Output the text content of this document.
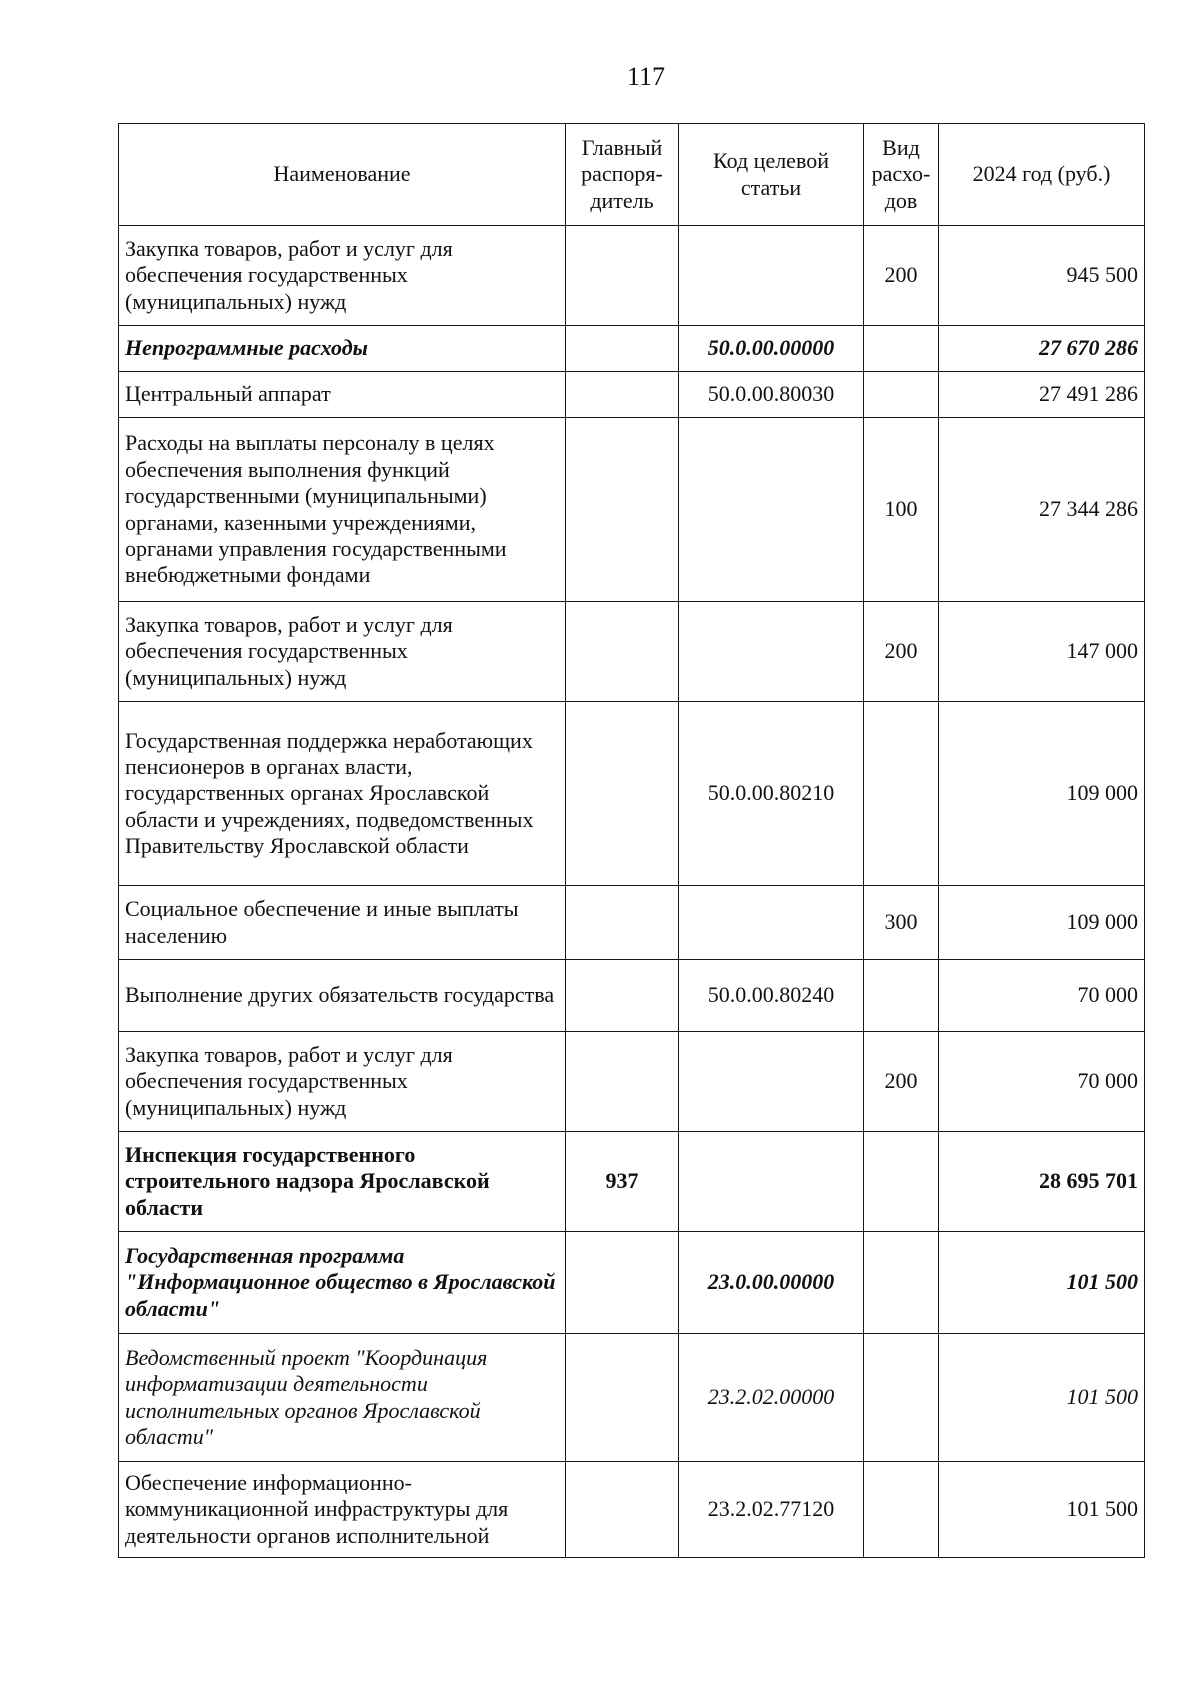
117
Наименование	Главный распоря-дитель	Код целевой статьи	Вид расхо-дов	2024 год (руб.)
Закупка товаров, работ и услуг для обеспечения государственных (муниципальных) нужд			200	945 500
Непрограммные расходы		50.0.00.00000		27 670 286
Центральный аппарат		50.0.00.80030		27 491 286
Расходы на выплаты персоналу в целях обеспечения выполнения функций государственными (муниципальными) органами, казенными учреждениями, органами управления государственными внебюджетными фондами			100	27 344 286
Закупка товаров, работ и услуг для обеспечения государственных (муниципальных) нужд			200	147 000
Государственная поддержка неработающих пенсионеров в органах власти, государственных органах Ярославской области и учреждениях, подведомственных Правительству Ярославской области		50.0.00.80210		109 000
Социальное обеспечение и иные выплаты населению			300	109 000
Выполнение других обязательств государства		50.0.00.80240		70 000
Закупка товаров, работ и услуг для обеспечения государственных (муниципальных) нужд			200	70 000
Инспекция государственного строительного надзора Ярославской области	937			28 695 701
Государственная программа "Информационное общество в Ярославской области"		23.0.00.00000		101 500
Ведомственный проект "Координация информатизации деятельности исполнительных органов Ярославской области"		23.2.02.00000		101 500
Обеспечение информационно-коммуникационной инфраструктуры для деятельности органов исполнительной		23.2.02.77120		101 500
